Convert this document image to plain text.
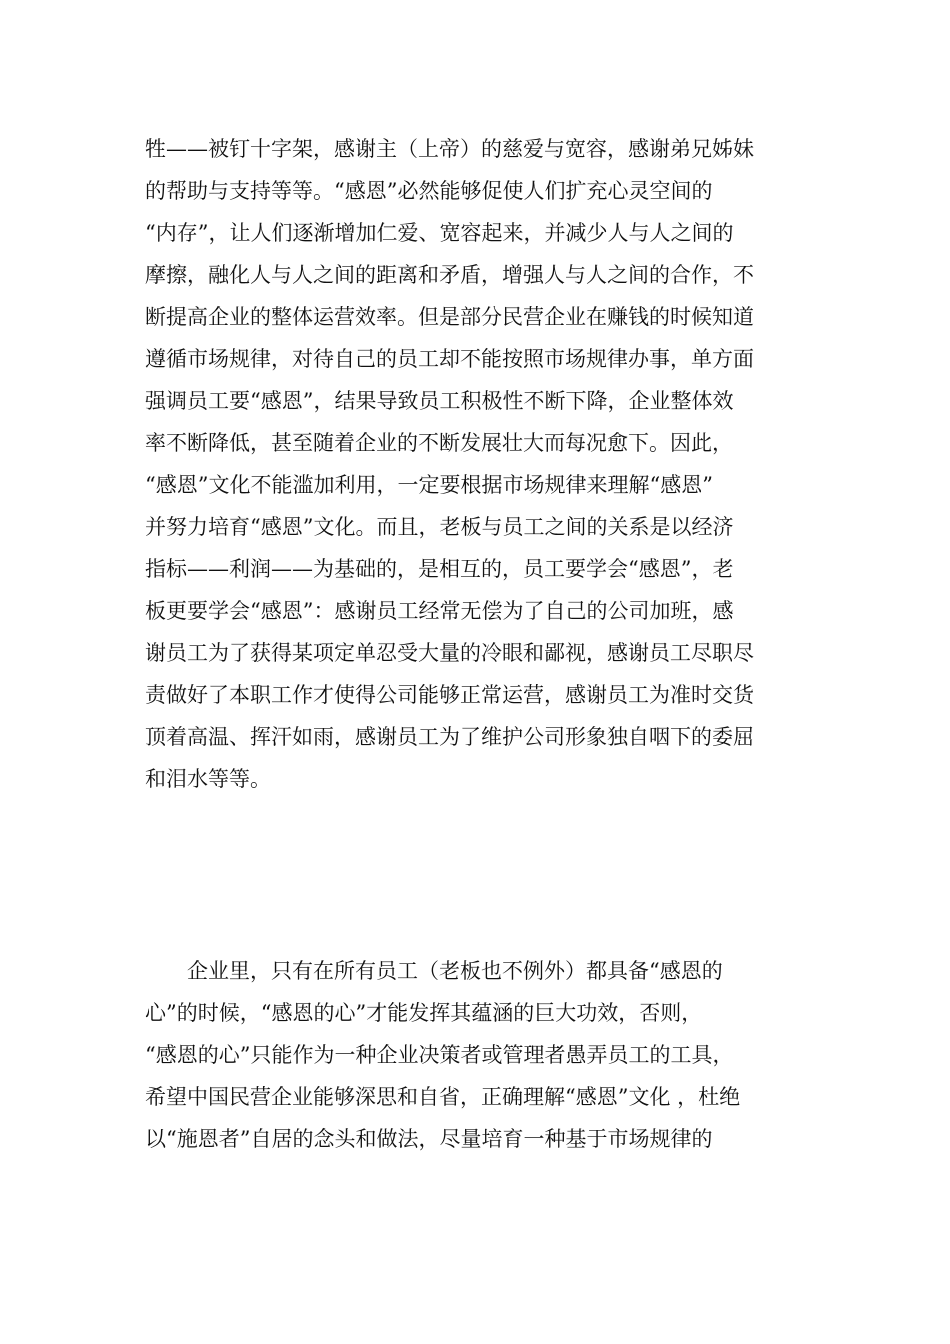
牲——被钉十字架，感谢主（上帝）的慈爱与宽容，感谢弟兄姊妹
的帮助与支持等等。“感恩”必然能够促使人们扩充心灵空间的
“内存”，让人们逐渐增加仁爱、宽容起来，并减少人与人之间的
摩擦，融化人与人之间的距离和矛盾，增强人与人之间的合作，不
断提高企业的整体运营效率。但是部分民营企业在赚钱的时候知道
遵循市场规律，对待自己的员工却不能按照市场规律办事，单方面
强调员工要“感恩”，结果导致员工积极性不断下降，企业整体效
率不断降低，甚至随着企业的不断发展壮大而每况愈下。因此，
“感恩”文化不能滥加利用，一定要根据市场规律来理解“感恩”
并努力培育“感恩”文化。而且，老板与员工之间的关系是以经济
指标——利润——为基础的，是相互的，员工要学会“感恩”，老
板更要学会“感恩”：感谢员工经常无偿为了自己的公司加班，感
谢员工为了获得某项定单忍受大量的冷眼和鄙视，感谢员工尽职尽
责做好了本职工作才使得公司能够正常运营，感谢员工为准时交货
顶着高温、挥汗如雨，感谢员工为了维护公司形象独自咽下的委屈
和泪水等等。
　　企业里，只有在所有员工（老板也不例外）都具备“感恩的
心”的时候，“感恩的心”才能发挥其蕴涵的巨大功效，否则，
“感恩的心”只能作为一种企业决策者或管理者愚弄员工的工具，
希望中国民营企业能够深思和自省，正确理解“感恩”文化 ，杜绝
以“施恩者”自居的念头和做法，尽量培育一种基于市场规律的
